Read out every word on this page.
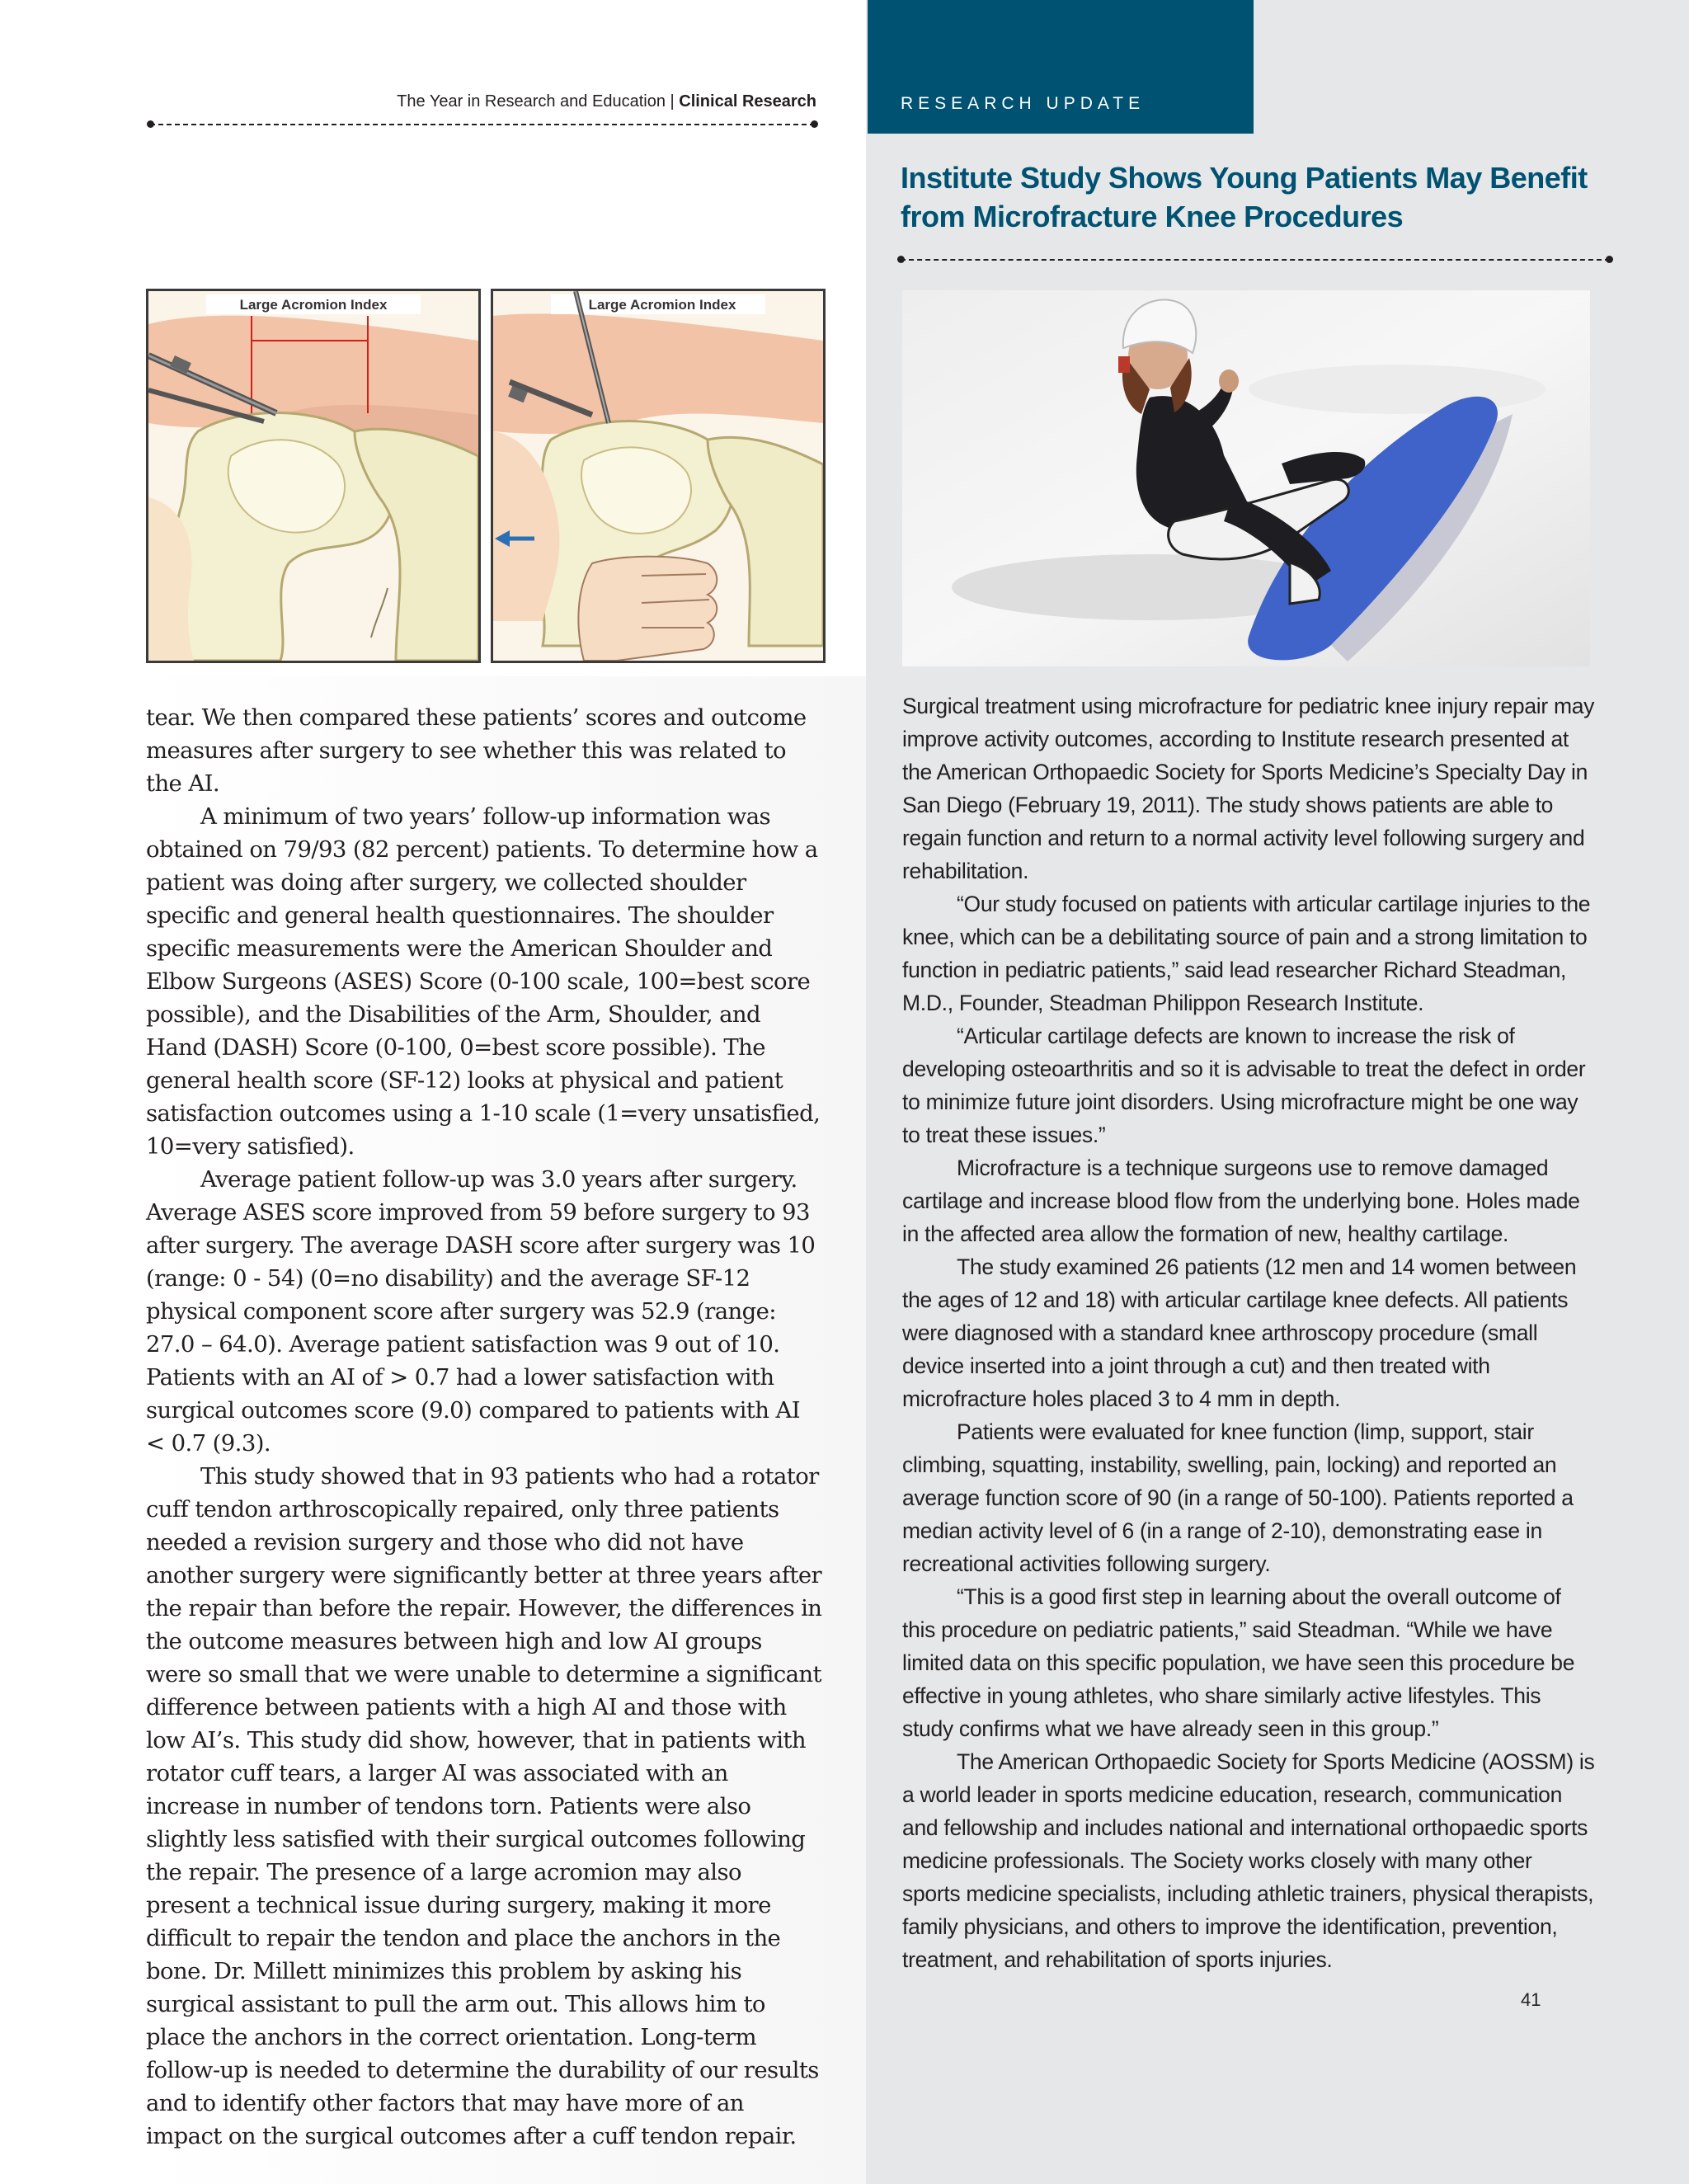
The Year in Research and Education | Clinical Research	RESEARCH UPDATE
Institute Study Shows Young Patients May Benefit from Microfracture Knee Procedures
Large Acromion Index	Large Acromion Index

tear. We then compared these patients’ scores and outcome measures after surgery to see whether this was related to the AI.

A minimum of two years’ follow-up information was obtained on 79/93 (82 percent) patients. To determine how a patient was doing after surgery, we collected shoulder specific and general health questionnaires. The shoulder specific measurements were the American Shoulder and Elbow Surgeons (ASES) Score (0-100 scale, 100=best score possible), and the Disabilities of the Arm, Shoulder, and Hand (DASH) Score (0-100, 0=best score possible). The general health score (SF-12) looks at physical and patient satisfaction outcomes using a 1-10 scale (1=very unsatisfied, 10=very satisfied).

Average patient follow-up was 3.0 years after surgery. Average ASES score improved from 59 before surgery to 93 after surgery. The average DASH score after surgery was 10 (range: 0 - 54) (0=no disability) and the average SF-12 physical component score after surgery was 52.9 (range: 27.0 – 64.0). Average patient satisfaction was 9 out of 10. Patients with an AI of > 0.7 had a lower satisfaction with surgical outcomes score (9.0) compared to patients with AI < 0.7 (9.3).

This study showed that in 93 patients who had a rotator cuff tendon arthroscopically repaired, only three patients needed a revision surgery and those who did not have another surgery were significantly better at three years after the repair than before the repair. However, the differences in the outcome measures between high and low AI groups were so small that we were unable to determine a significant difference between patients with a high AI and those with low AI’s. This study did show, however, that in patients with rotator cuff tears, a larger AI was associated with an increase in number of tendons torn. Patients were also slightly less satisfied with their surgical outcomes following the repair. The presence of a large acromion may also present a technical issue during surgery, making it more difficult to repair the tendon and place the anchors in the bone. Dr. Millett minimizes this problem by asking his surgical assistant to pull the arm out. This allows him to place the anchors in the correct orientation. Long-term follow-up is needed to determine the durability of our results and to identify other factors that may have more of an impact on the surgical outcomes after a cuff tendon repair.

Surgical treatment using microfracture for pediatric knee injury repair may improve activity outcomes, according to Institute research presented at the American Orthopaedic Society for Sports Medicine’s Specialty Day in San Diego (February 19, 2011). The study shows patients are able to regain function and return to a normal activity level following surgery and rehabilitation.

“Our study focused on patients with articular cartilage injuries to the knee, which can be a debilitating source of pain and a strong limitation to function in pediatric patients,” said lead researcher Richard Steadman, M.D., Founder, Steadman Philippon Research Institute.

“Articular cartilage defects are known to increase the risk of developing osteoarthritis and so it is advisable to treat the defect in order to minimize future joint disorders. Using microfracture might be one way to treat these issues.”

Microfracture is a technique surgeons use to remove damaged cartilage and increase blood flow from the underlying bone. Holes made in the affected area allow the formation of new, healthy cartilage.

The study examined 26 patients (12 men and 14 women between the ages of 12 and 18) with articular cartilage knee defects. All patients were diagnosed with a standard knee arthroscopy procedure (small device inserted into a joint through a cut) and then treated with microfracture holes placed 3 to 4 mm in depth.

Patients were evaluated for knee function (limp, support, stair climbing, squatting, instability, swelling, pain, locking) and reported an average function score of 90 (in a range of 50-100). Patients reported a median activity level of 6 (in a range of 2-10), demonstrating ease in recreational activities following surgery.

“This is a good first step in learning about the overall outcome of this procedure on pediatric patients,” said Steadman. “While we have limited data on this specific population, we have seen this procedure be effective in young athletes, who share similarly active lifestyles. This study confirms what we have already seen in this group.”

The American Orthopaedic Society for Sports Medicine (AOSSM) is a world leader in sports medicine education, research, communication and fellowship and includes national and international orthopaedic sports medicine professionals. The Society works closely with many other sports medicine specialists, including athletic trainers, physical therapists, family physicians, and others to improve the identification, prevention, treatment, and rehabilitation of sports injuries.

41
